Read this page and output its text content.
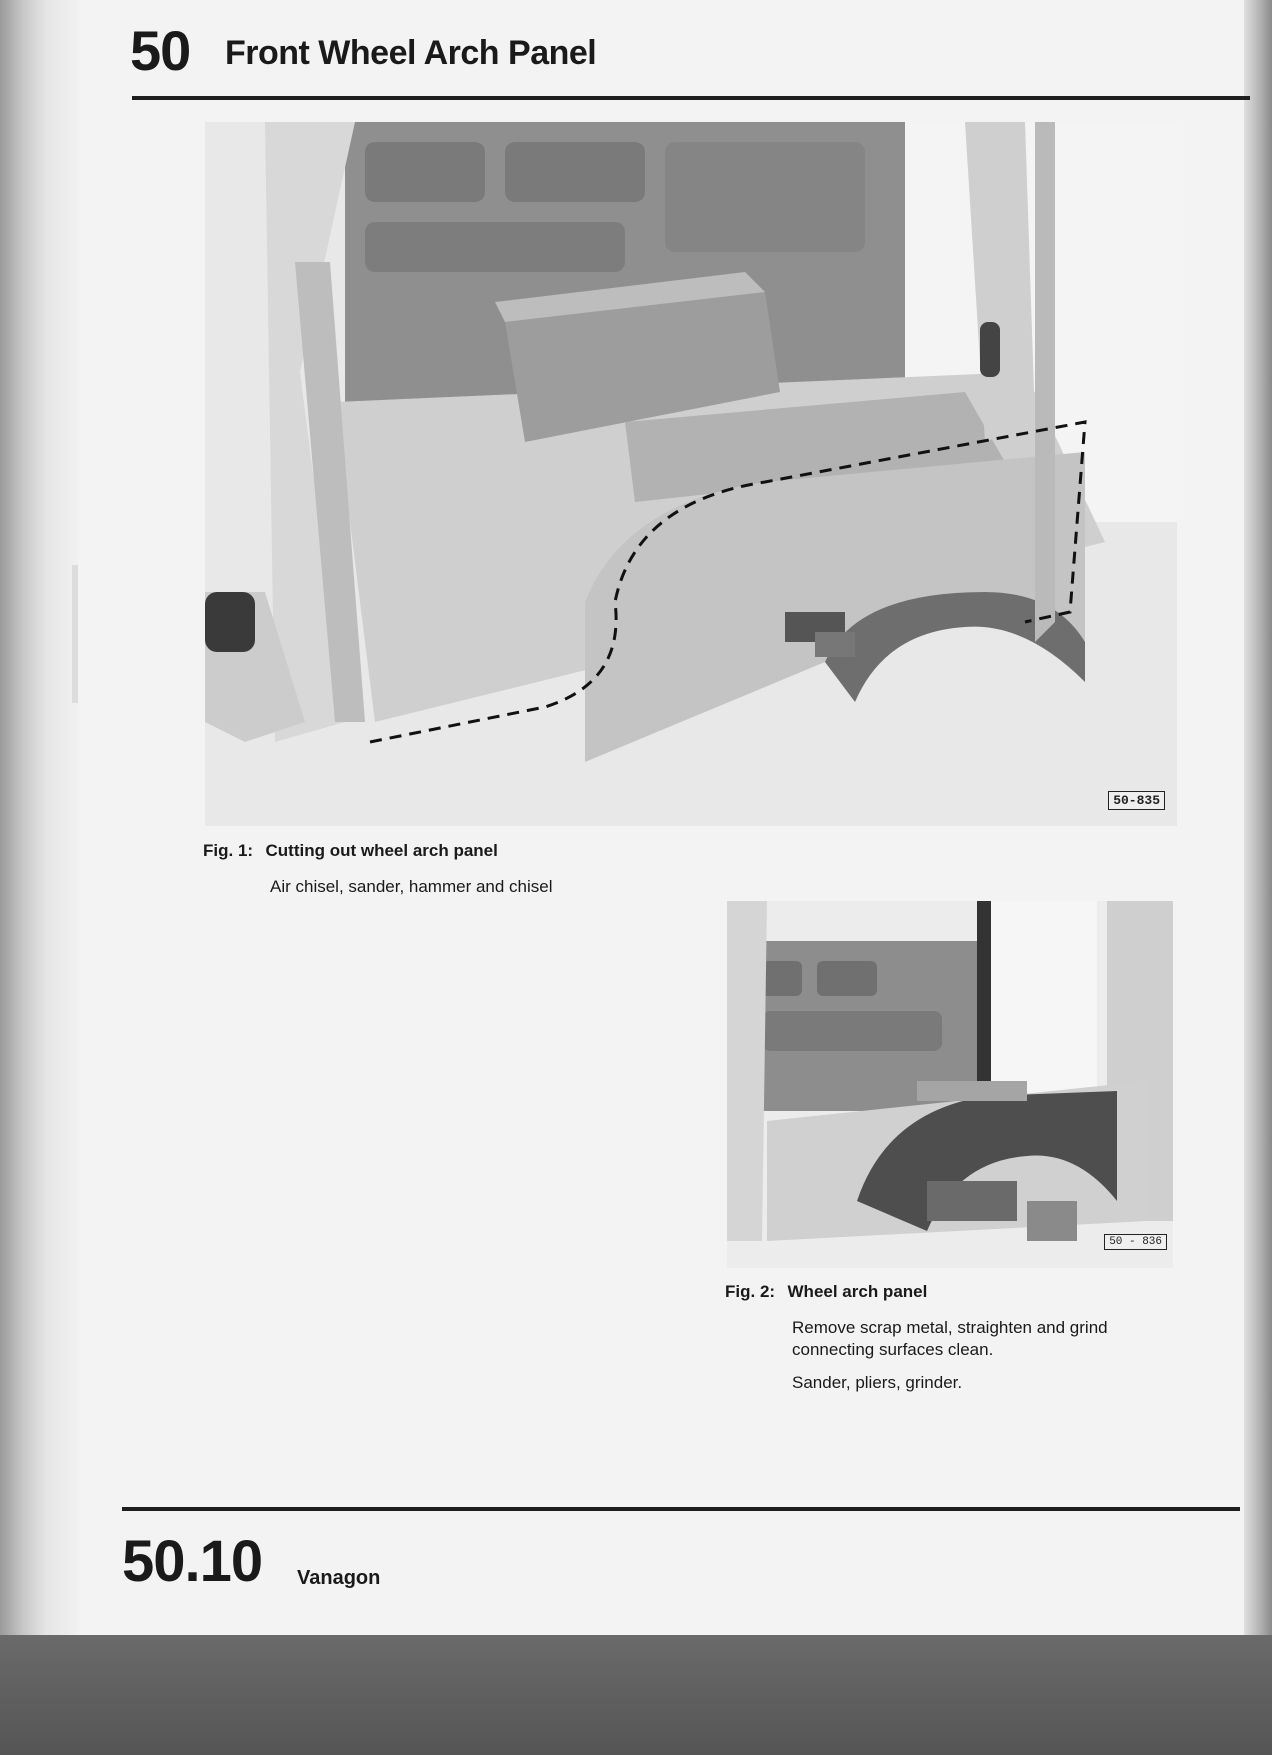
50 Front Wheel Arch Panel
50-835
Fig. 1: Cutting out wheel arch panel
Air chisel, sander, hammer and chisel
50 - 836
Fig. 2: Wheel arch panel
Remove scrap metal, straighten and grind connecting surfaces clean.
Sander, pliers, grinder.
50.10 Vanagon
